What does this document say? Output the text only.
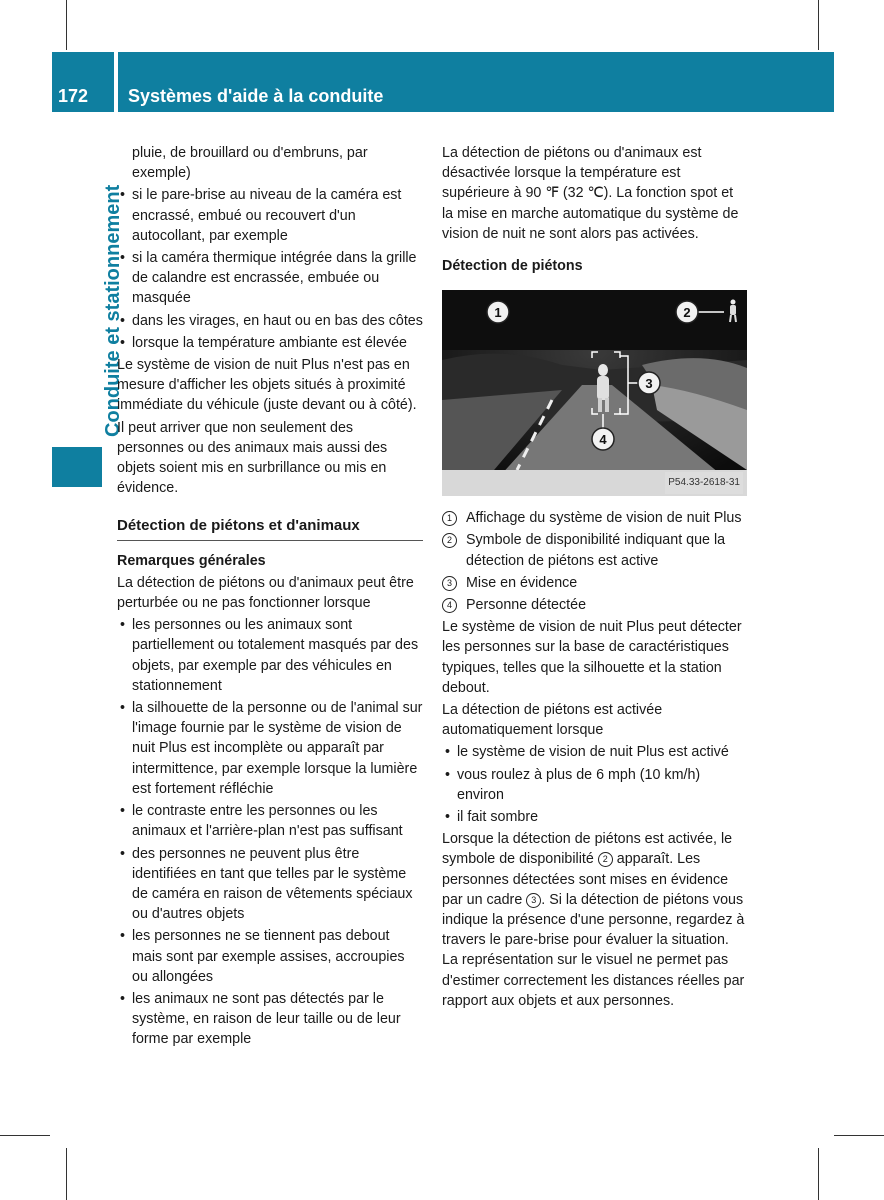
172 Systèmes d'aide à la conduite
Conduite et stationnement

pluie, de brouillard ou d'embruns, par exemple)

• si le pare-brise au niveau de la caméra est encrassé, embué ou recouvert d'un autocollant, par exemple

• si la caméra thermique intégrée dans la grille de calandre est encrassée, embuée ou masquée

• dans les virages, en haut ou en bas des côtes

• lorsque la température ambiante est élevée

Le système de vision de nuit Plus n'est pas en mesure d'afficher les objets situés à proximité immédiate du véhicule (juste devant ou à côté).

Il peut arriver que non seulement des personnes ou des animaux mais aussi des objets soient mis en surbrillance ou mis en évidence.

Détection de piétons et d'animaux
Remarques générales

La détection de piétons ou d'animaux peut être perturbée ou ne pas fonctionner lorsque

• les personnes ou les animaux sont partiellement ou totalement masqués par des objets, par exemple par des véhicules en stationnement

• la silhouette de la personne ou de l'animal sur l'image fournie par le système de vision de nuit Plus est incomplète ou apparaît par intermittence, par exemple lorsque la lumière est fortement réfléchie

• le contraste entre les personnes ou les animaux et l'arrière-plan n'est pas suffisant

• des personnes ne peuvent plus être identifiées en tant que telles par le système de caméra en raison de vêtements spéciaux ou d'autres objets

• les personnes ne se tiennent pas debout mais sont par exemple assises, accroupies ou allongées

• les animaux ne sont pas détectés par le système, en raison de leur taille ou de leur forme par exemple

La détection de piétons ou d'animaux est désactivée lorsque la température est supérieure à 90 ℉ (32 ℃). La fonction spot et la mise en marche automatique du système de vision de nuit ne sont alors pas activées.

Détection de piétons
1	2
3
4
P54.33-2618-31

1 Affichage du système de vision de nuit Plus

2 Symbole de disponibilité indiquant que la détection de piétons est active

3 Mise en évidence

4 Personne détectée

Le système de vision de nuit Plus peut détecter les personnes sur la base de caractéristiques typiques, telles que la silhouette et la station debout.

La détection de piétons est activée automatiquement lorsque

• le système de vision de nuit Plus est activé

• vous roulez à plus de 6 mph (10 km/h) environ

• il fait sombre

Lorsque la détection de piétons est activée, le symbole de disponibilité 2 apparaît. Les personnes détectées sont mises en évidence par un cadre 3 . Si la détection de piétons vous indique la présence d'une personne, regardez à travers le pare-brise pour évaluer la situation. La représentation sur le visuel ne permet pas d'estimer correctement les distances réelles par rapport aux objets et aux personnes.
